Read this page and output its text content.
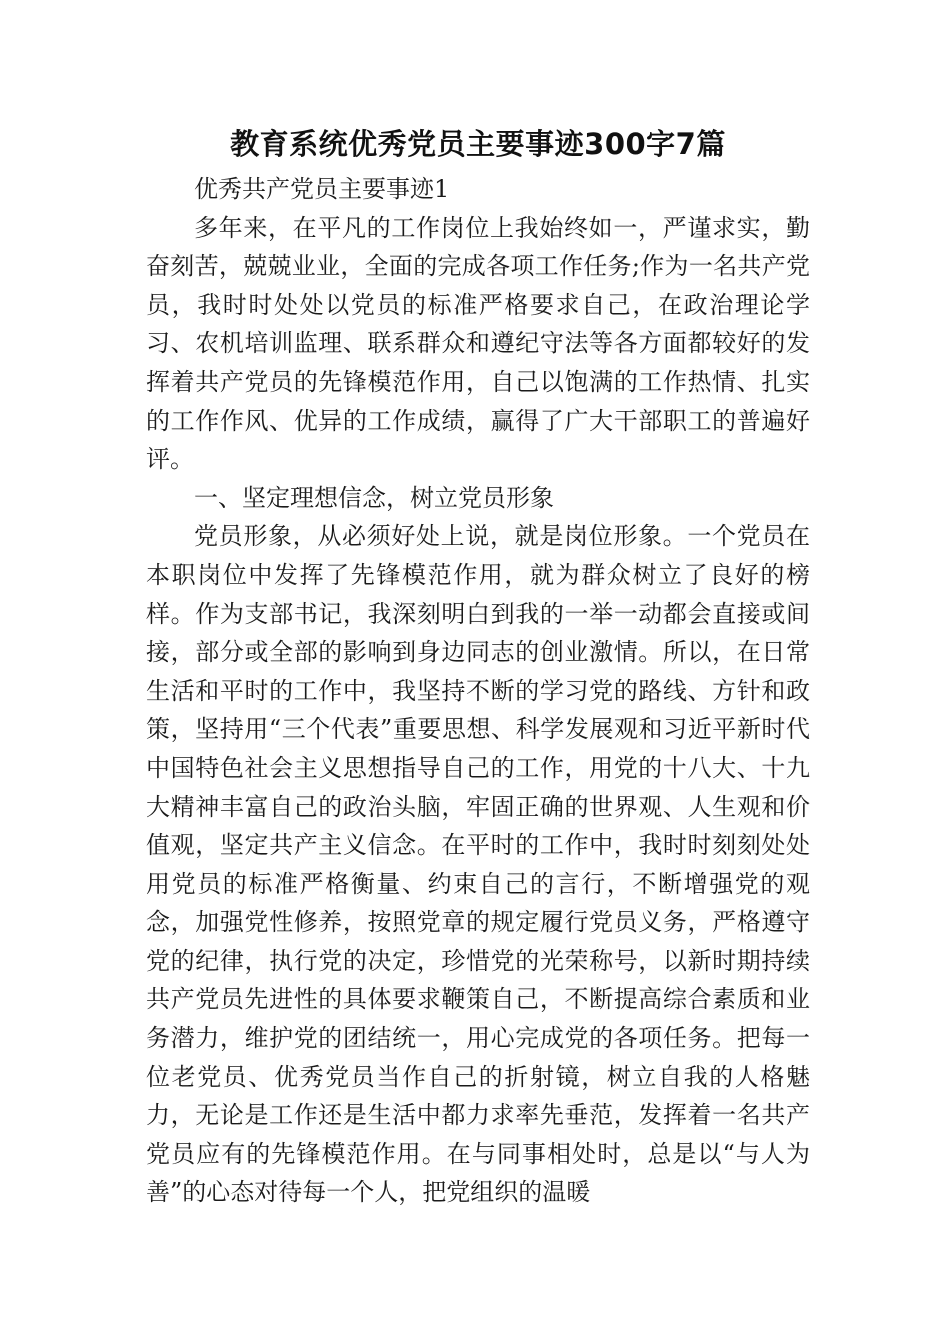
教育系统优秀党员主要事迹300字7篇

优秀共产党员主要事迹1

多年来，在平凡的工作岗位上我始终如一，严谨求实，勤奋刻苦，兢兢业业，全面的完成各项工作任务;作为一名共产党员，我时时处处以党员的标准严格要求自己，在政治理论学习、农机培训监理、联系群众和遵纪守法等各方面都较好的发挥着共产党员的先锋模范作用，自己以饱满的工作热情、扎实的工作作风、优异的工作成绩，赢得了广大干部职工的普遍好评。

一、坚定理想信念，树立党员形象

党员形象，从必须好处上说，就是岗位形象。一个党员在本职岗位中发挥了先锋模范作用，就为群众树立了良好的榜样。作为支部书记，我深刻明白到我的一举一动都会直接或间接，部分或全部的影响到身边同志的创业激情。所以，在日常生活和平时的工作中，我坚持不断的学习党的路线、方针和政策，坚持用“三个代表”重要思想、科学发展观和习近平新时代中国特色社会主义思想指导自己的工作，用党的十八大、十九大精神丰富自己的政治头脑，牢固正确的世界观、人生观和价值观，坚定共产主义信念。在平时的工作中，我时时刻刻处处用党员的标准严格衡量、约束自己的言行，不断增强党的观念，加强党性修养，按照党章的规定履行党员义务，严格遵守党的纪律，执行党的决定，珍惜党的光荣称号，以新时期持续共产党员先进性的具体要求鞭策自己，不断提高综合素质和业务潜力，维护党的团结统一，用心完成党的各项任务。把每一位老党员、优秀党员当作自己的折射镜，树立自我的人格魅力，无论是工作还是生活中都力求率先垂范，发挥着一名共产党员应有的先锋模范作用。在与同事相处时，总是以“与人为善”的心态对待每一个人，把党组织的温暖
